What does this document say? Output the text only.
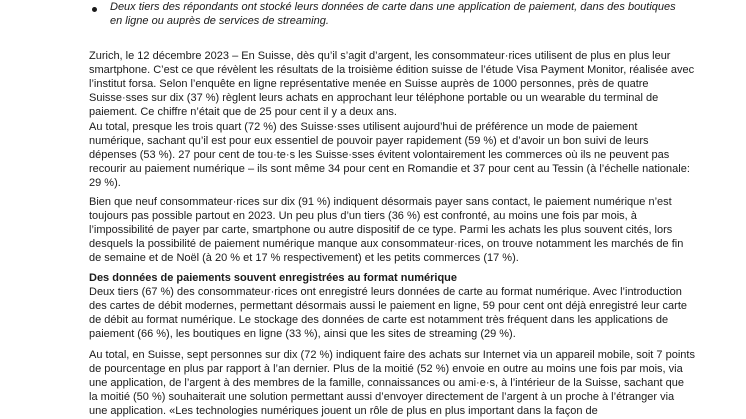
Deux tiers des répondants ont stocké leurs données de carte dans une application de paiement, dans des boutiques en ligne ou auprès de services de streaming.

Zurich, le 12 décembre 2023 – En Suisse, dès qu’il s’agit d’argent, les consommateur·rices utilisent de plus en plus leur smartphone. C’est ce que révèlent les résultats de la troisième édition suisse de l’étude Visa Payment Monitor, réalisée avec l’institut forsa. Selon l’enquête en ligne représentative menée en Suisse auprès de 1000 personnes, près de quatre Suisse·sses sur dix (37 %) règlent leurs achats en approchant leur téléphone portable ou un wearable du terminal de paiement. Ce chiffre n’était que de 25 pour cent il y a deux ans.

Au total, presque les trois quart (72 %) des Suisse·sses utilisent aujourd’hui de préférence un mode de paiement numérique, sachant qu’il est pour eux essentiel de pouvoir payer rapidement (59 %) et d’avoir un bon suivi de leurs dépenses (53 %). 27 pour cent de tou·te·s les Suisse·sses évitent volontairement les commerces où ils ne peuvent pas recourir au paiement numérique – ils sont même 34 pour cent en Romandie et 37 pour cent au Tessin (à l’échelle nationale: 29 %).

Bien que neuf consommateur·rices sur dix (91 %) indiquent désormais payer sans contact, le paiement numérique n’est toujours pas possible partout en 2023. Un peu plus d’un tiers (36 %) est confronté, au moins une fois par mois, à l’impossibilité de payer par carte, smartphone ou autre dispositif de ce type. Parmi les achats les plus souvent cités, lors desquels la possibilité de paiement numérique manque aux consommateur·rices, on trouve notamment les marchés de fin de semaine et de Noël (à 20 % et 17 % respectivement) et les petits commerces (17 %).

Des données de paiements souvent enregistrées au format numérique

Deux tiers (67 %) des consommateur·rices ont enregistré leurs données de carte au format numérique. Avec l’introduction des cartes de débit modernes, permettant désormais aussi le paiement en ligne, 59 pour cent ont déjà enregistré leur carte de débit au format numérique. Le stockage des données de carte est notamment très fréquent dans les applications de paiement (66 %), les boutiques en ligne (33 %), ainsi que les sites de streaming (29 %).

Au total, en Suisse, sept personnes sur dix (72 %) indiquent faire des achats sur Internet via un appareil mobile, soit 7 points de pourcentage en plus par rapport à l’an dernier. Plus de la moitié (52 %) envoie en outre au moins une fois par mois, via une application, de l’argent à des membres de la famille, connaissances ou ami·e·s, à l’intérieur de la Suisse, sachant que la moitié (50 %) souhaiterait une solution permettant aussi d’envoyer directement de l’argent à un proche à l’étranger via une application. «Les technologies numériques jouent un rôle de plus en plus important dans la façon de
